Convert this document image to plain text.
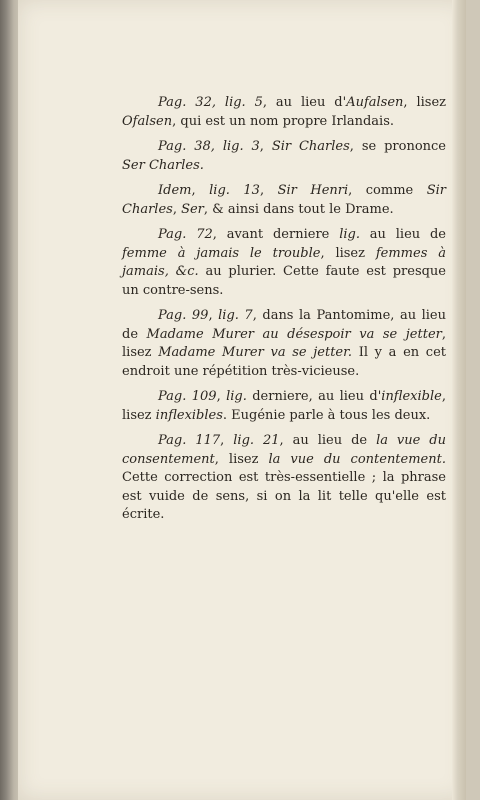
Pag. 32, lig. 5, au lieu d'Aufalsen, lisez Ofalsen, qui est un nom propre Irlandais.

Pag. 38, lig. 3, Sir Charles, se prononce Ser Charles.

Idem, lig. 13, Sir Henri, comme Sir Charles, Ser, & ainsi dans tout le Drame.

Pag. 72, avant derniere lig. au lieu de femme à jamais le trouble, lisez femmes à jamais, &c. au plurier. Cette faute est presque un contre-sens.

Pag. 99, lig. 7, dans la Pantomime, au lieu de Madame Murer au désespoir va se jetter, lisez Madame Murer va se jetter. Il y a en cet endroit une répétition très-vicieuse.

Pag. 109, lig. derniere, au lieu d'inflexible, lisez inflexibles. Eugénie parle à tous les deux.

Pag. 117, lig. 21, au lieu de la vue du consentement, lisez la vue du contentement. Cette correction est très-essentielle ; la phrase est vuide de sens, si on la lit telle qu'elle est écrite.
